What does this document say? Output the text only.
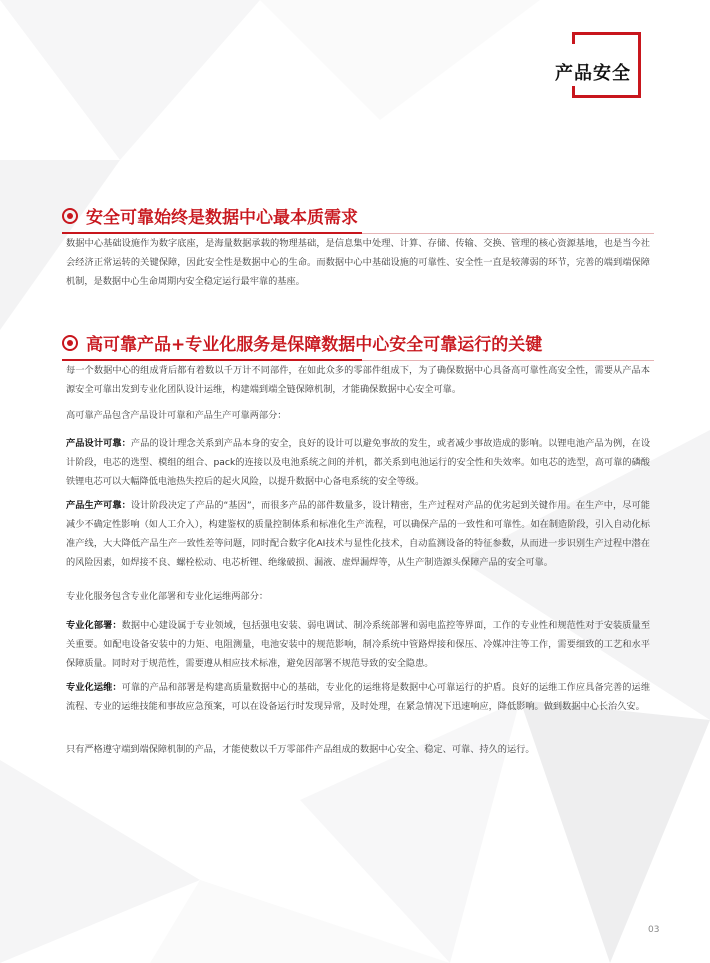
产品安全
安全可靠始终是数据中心最本质需求

数据中心基础设施作为数字底座，是海量数据承载的物理基础，是信息集中处理、计算、存储、传输、交换、管理的核心资源基地，也是当今社会经济正常运转的关键保障，因此安全性是数据中心的生命。而数据中心中基础设施的可靠性、安全性一直是较薄弱的环节，完善的端到端保障机制，是数据中心生命周期内安全稳定运行最牢靠的基座。

高可靠产品+专业化服务是保障数据中心安全可靠运行的关键

每一个数据中心的组成背后都有着数以千万计不同部件，在如此众多的零部件组成下，为了确保数据中心具备高可靠性高安全性，需要从产品本源安全可靠出发到专业化团队设计运维，构建端到端全链保障机制，才能确保数据中心安全可靠。

高可靠产品包含产品设计可靠和产品生产可靠两部分：

产品设计可靠：产品的设计理念关系到产品本身的安全，良好的设计可以避免事故的发生，或者减少事故造成的影响。以锂电池产品为例，在设计阶段，电芯的选型、模组的组合、pack的连接以及电池系统之间的并机，都关系到电池运行的安全性和失效率。如电芯的选型，高可靠的磷酸铁锂电芯可以大幅降低电池热失控后的起火风险，以提升数据中心备电系统的安全等级。

产品生产可靠：设计阶段决定了产品的“基因”，而很多产品的部件数量多，设计精密，生产过程对产品的优劣起到关键作用。在生产中，尽可能减少不确定性影响（如人工介入），构建鉴权的质量控制体系和标准化生产流程，可以确保产品的一致性和可靠性。如在制造阶段，引入自动化标准产线，大大降低产品生产一致性差等问题，同时配合数字化AI技术与显性化技术，自动监测设备的特征参数，从而进一步识别生产过程中潜在的风险因素，如焊接不良、螺栓松动、电芯析锂、绝缘破损、漏液、虚焊漏焊等，从生产制造源头保障产品的安全可靠。

专业化服务包含专业化部署和专业化运维两部分：

专业化部署：数据中心建设属于专业领域，包括强电安装、弱电调试、制冷系统部署和弱电监控等界面，工作的专业性和规范性对于安装质量至关重要。如配电设备安装中的力矩、电阻测量，电池安装中的规范影响，制冷系统中管路焊接和保压、冷媒冲注等工作，需要细致的工艺和水平保障质量。同时对于规范性，需要遵从相应技术标准，避免因部署不规范导致的安全隐患。

专业化运维：可靠的产品和部署是构建高质量数据中心的基础，专业化的运维将是数据中心可靠运行的护盾。良好的运维工作应具备完善的运维流程、专业的运维技能和事故应急预案，可以在设备运行时发现异常，及时处理，在紧急情况下迅速响应，降低影响。做到数据中心长治久安。

只有严格遵守端到端保障机制的产品，才能使数以千万零部件产品组成的数据中心安全、稳定、可靠、持久的运行。

03
